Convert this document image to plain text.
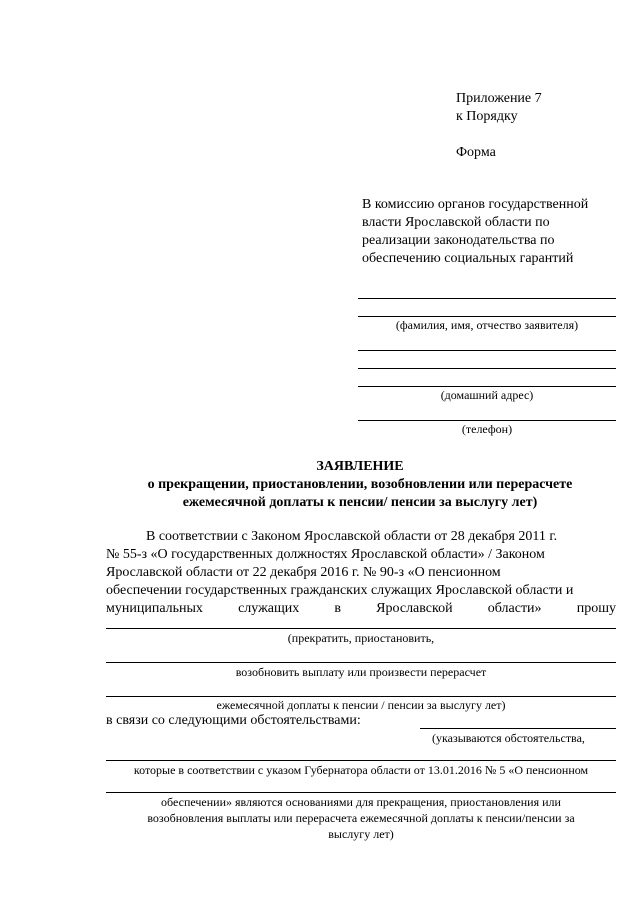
Приложение 7
к Порядку
Форма
В комиссию органов государственной
власти Ярославской области по
реализации законодательства по
обеспечению социальных гарантий
(фамилия, имя, отчество заявителя)
(домашний адрес)
(телефон)
ЗАЯВЛЕНИЕ
о прекращении, приостановлении, возобновлении или перерасчете
ежемесячной доплаты к пенсии/ пенсии за выслугу лет)
В соответствии с Законом Ярославской области от 28 декабря 2011 г.
№ 55-з «О государственных должностях Ярославской области» / Законом
Ярославской области от 22 декабря 2016 г. № 90-з «О пенсионном
обеспечении государственных гражданских служащих Ярославской области и
муниципальных	служащих	в	Ярославской	области»	прошу
(прекратить, приостановить,
возобновить выплату или произвести перерасчет
ежемесячной доплаты к пенсии / пенсии за выслугу лет)
в связи со следующими обстоятельствами:
(указываются обстоятельства,
которые в соответствии с указом Губернатора области от 13.01.2016 № 5 «О пенсионном
обеспечении» являются основаниями для прекращения, приостановления или
возобновления выплаты или перерасчета ежемесячной доплаты к пенсии/пенсии за
выслугу лет)
